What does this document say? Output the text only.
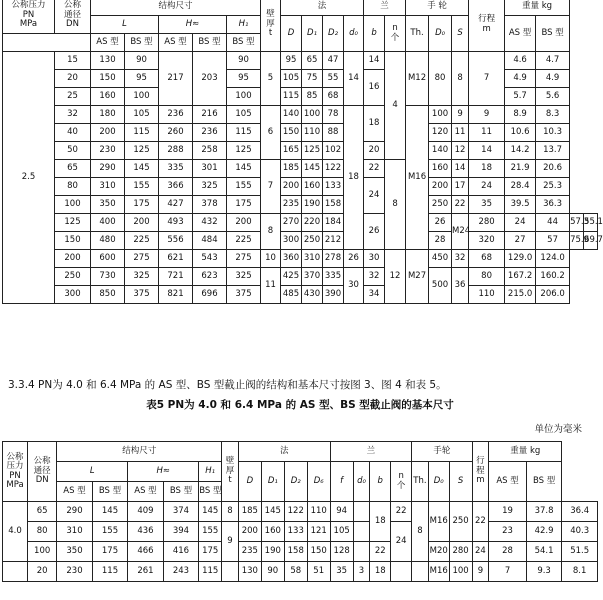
公称压力
PN
MPa	公称
通径
DN	结构尺寸					壁
厚
t	法				兰		手 轮			行程
m	重量 kg			
		L		H≈		H₁		D	D₁	D₂	d₀	b	n
个	Th.	D₀	S		AS 型	BS 型		
		AS 型	BS 型	AS 型	BS 型	BS 型															
2.5	15	130	90	217	203	90	5	95	65	47	14	14	4	M12	80	8	7	4.6	4.7		
	20	150	95			95		105	75	55		16						4.9	4.9		
	25	160	100			100		115	85	68								5.7	5.6		
	32	180	105	236	216	105	6	140	100	78	18	18		M16	100	9	9	8.9	8.3		
	40	200	115	260	236	115		150	110	88					120	11	11	10.6	10.3		
	50	230	125	288	258	125		165	125	102		20			140	12	14	14.2	13.7		
	65	290	145	335	301	145	7	185	145	122		22	8		160	14	18	21.9	20.6		
	80	310	155	366	325	155		200	160	133		24			200	17	24	28.4	25.3		
	100	350	175	427	378	175		235	190	158					250	22	35	39.5	36.3		
	125	400	200	493	432	200	8	270	220	184		26			26	M24	280	24	44	57.3	55.1
	150	480	225	556	484	225		300	250	212					28		320	27	57	75.9	69.7
	200	600	275	621	543	275	10	360	310	278	26	30	12	M27	450	32	68	129.0	124.0		
	250	730	325	721	623	325	11	425	370	335	30	32			500	36	80	167.2	160.2		
	300	850	375	821	696	375		485	430	390		34					110	215.0	206.0		
3.3.4 PN为 4.0 和 6.4 MPa 的 AS 型、BS 型截止阀的结构和基本尺寸按图 3、图 4 和表 5。
表5 PN为 4.0 和 6.4 MPa 的 AS 型、BS 型截止阀的基本尺寸
单位为毫米
公称
压力
PN
MPa	公称
通径
DN	结构尺寸					壁
厚
t	法				兰				手轮			行程
m	重量 kg		
		L		H≈		H₁		D	D₁	D₂	D₆	f	d₀	b	n
个	Th.	D₀	S		AS 型	BS 型	
		AS 型	BS 型	AS 型	BS 型	BS 型																
4.0	65	290	145	409	374	145	8	185	145	122	110	94		18	22	8	M16	250	22	19	37.8	36.4
	80	310	155	436	394	155	9	200	160	133	121	105			24					23	42.9	40.3
	100	350	175	466	416	175		235	190	158	150	128		22			M20	280	24	28	54.1	51.5
	20	230	115	261	243	115		130	90	58	51	35	3	18			M16	100	9	7	9.3	8.1
